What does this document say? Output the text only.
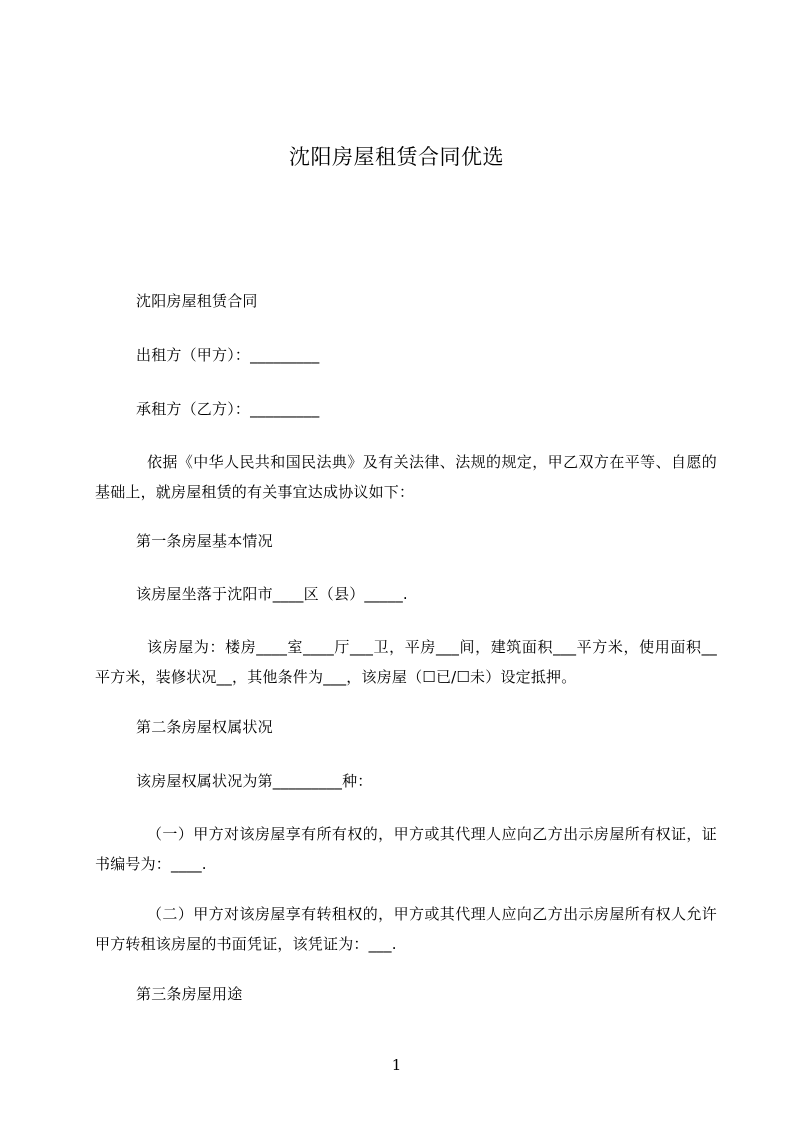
沈阳房屋租赁合同优选
沈阳房屋租赁合同
出租方（甲方）：_________
承租方（乙方）：_________
依据《中华人民共和国民法典》及有关法律、法规的规定，甲乙双方在平等、自愿的基础上，就房屋租赁的有关事宜达成协议如下：
第一条房屋基本情况
该房屋坐落于沈阳市____区（县）_____.
该房屋为：楼房____室____厅___卫，平房___间，建筑面积___平方米，使用面积__平方米，装修状况__，其他条件为___，该房屋（☐已/☐未）设定抵押。
第二条房屋权属状况
该房屋权属状况为第_________种：
（一）甲方对该房屋享有所有权的，甲方或其代理人应向乙方出示房屋所有权证，证书编号为：____.
（二）甲方对该房屋享有转租权的，甲方或其代理人应向乙方出示房屋所有权人允许甲方转租该房屋的书面凭证，该凭证为：___.
第三条房屋用途
1
